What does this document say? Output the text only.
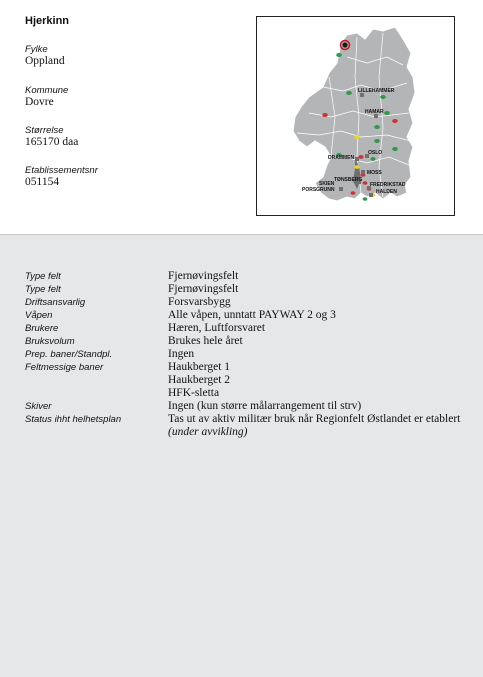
Hjerkinn
Fylke
Oppland
Kommune
Dovre
Størrelse
165170 daa
Etablissementsnr
051154
LILLEHAMMER
HAMAR
OSLO
DRAMMEN
MOSS
TØNSBERG
SKIEN
PORSGRUNN
FREDRIKSTAD
HALDEN
Type felt	Fjernøvingsfelt
Type felt	Fjernøvingsfelt
Driftsansvarlig	Forsvarsbygg
Våpen	Alle våpen, unntatt PAYWAY 2 og 3
Brukere	Hæren, Luftforsvaret
Bruksvolum	Brukes hele året
Prep. baner/Standpl.	Ingen
Feltmessige baner	Haukberget 1
Haukberget 2
HFK-sletta
Skiver	Ingen (kun større målarrangement til strv)
Status ihht helhetsplan	Tas ut av aktiv militær bruk når Regionfelt Østlandet er etablert
(under avvikling)
